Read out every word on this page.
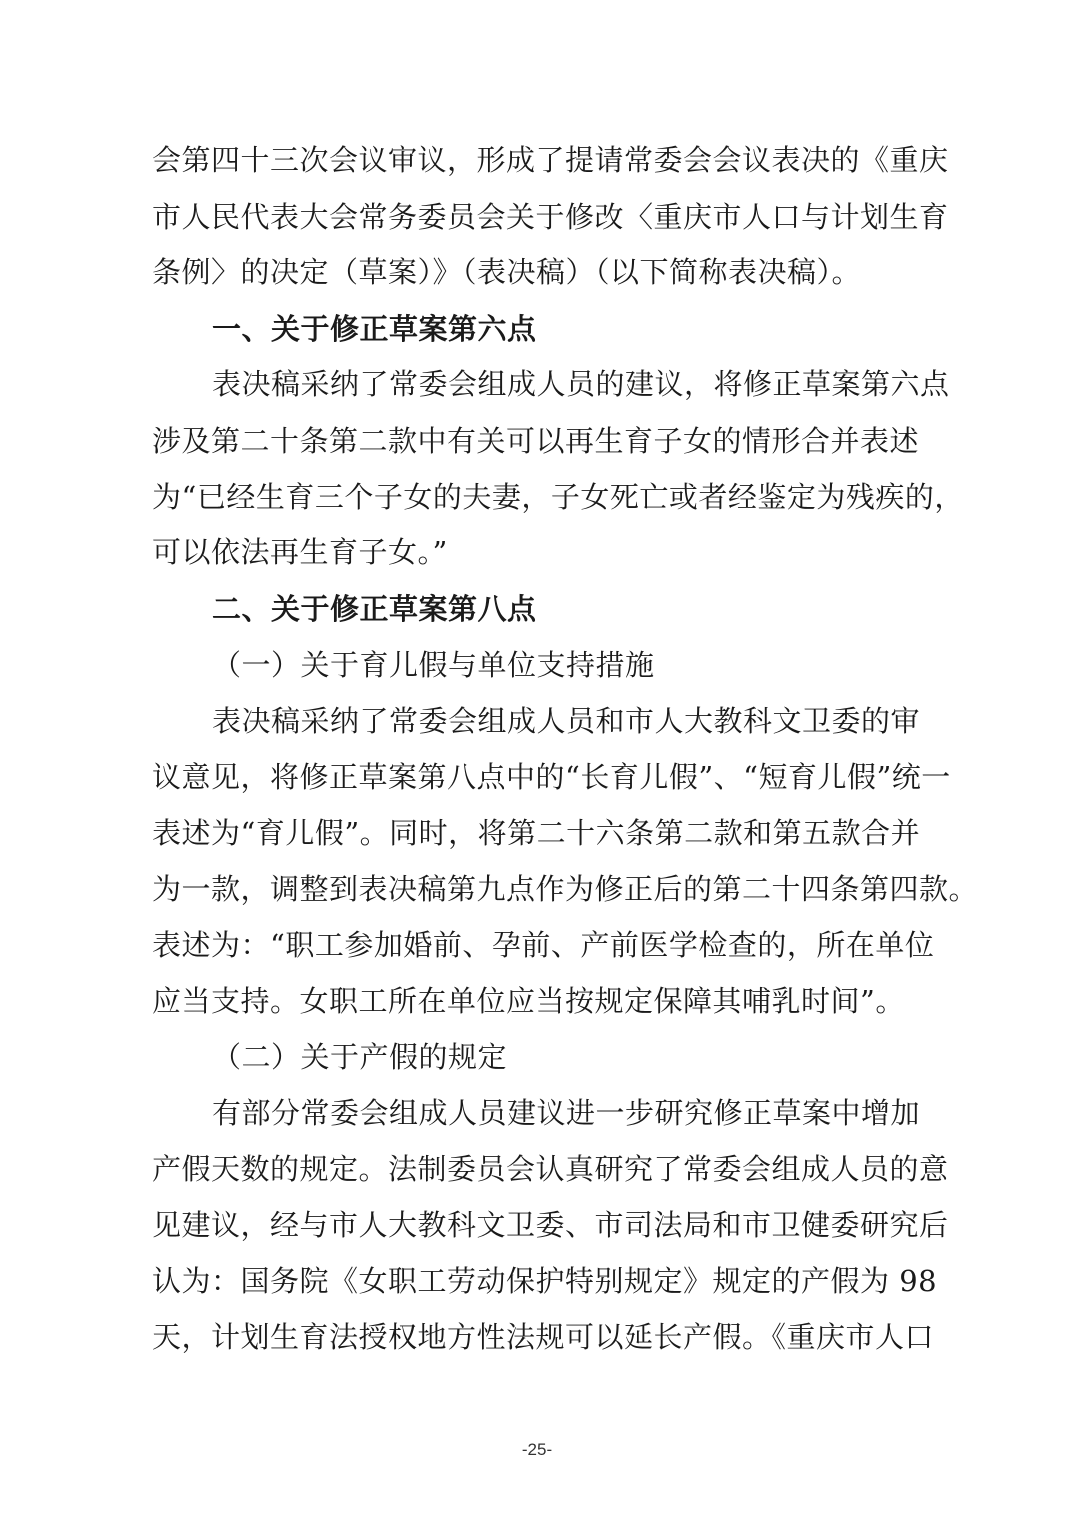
会第四十三次会议审议，形成了提请常委会会议表决的《重庆
市人民代表大会常务委员会关于修改〈重庆市人口与计划生育
条例〉的决定（草案）》（表决稿）（以下简称表决稿）。
一、关于修正草案第六点
表决稿采纳了常委会组成人员的建议，将修正草案第六点
涉及第二十条第二款中有关可以再生育子女的情形合并表述
为“已经生育三个子女的夫妻，子女死亡或者经鉴定为残疾的，
可以依法再生育子女。”
二、关于修正草案第八点
（一）关于育儿假与单位支持措施
表决稿采纳了常委会组成人员和市人大教科文卫委的审
议意见，将修正草案第八点中的“长育儿假”、“短育儿假”统一
表述为“育儿假”。同时，将第二十六条第二款和第五款合并
为一款，调整到表决稿第九点作为修正后的第二十四条第四款。
表述为：“职工参加婚前、孕前、产前医学检查的，所在单位
应当支持。女职工所在单位应当按规定保障其哺乳时间”。
（二）关于产假的规定
有部分常委会组成人员建议进一步研究修正草案中增加
产假天数的规定。法制委员会认真研究了常委会组成人员的意
见建议，经与市人大教科文卫委、市司法局和市卫健委研究后
认为：国务院《女职工劳动保护特别规定》规定的产假为 98
天，计划生育法授权地方性法规可以延长产假。《重庆市人口
-25-
